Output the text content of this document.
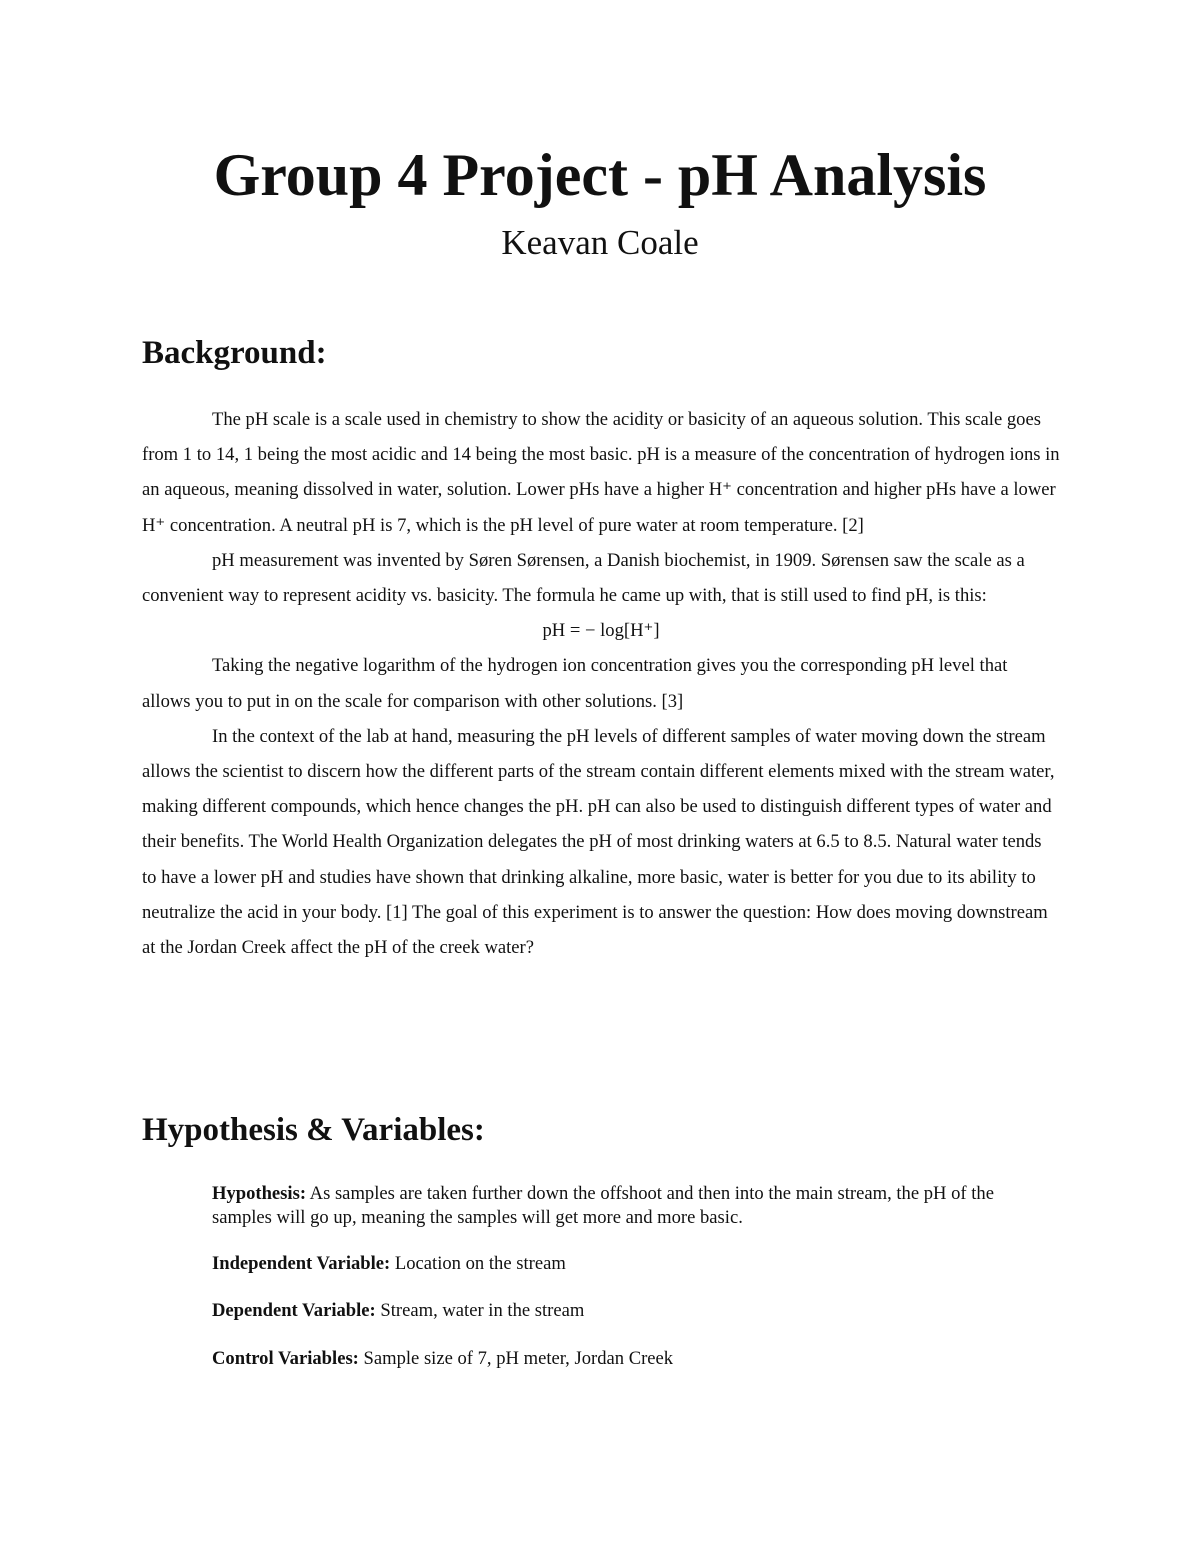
Group 4 Project - pH Analysis
Keavan Coale
Background:

The pH scale is a scale used in chemistry to show the acidity or basicity of an aqueous solution. This scale goes from 1 to 14, 1 being the most acidic and 14 being the most basic. pH is a measure of the concentration of hydrogen ions in an aqueous, meaning dissolved in water, solution. Lower pHs have a higher H⁺ concentration and higher pHs have a lower H⁺ concentration. A neutral pH is 7, which is the pH level of pure water at room temperature. [2]

pH measurement was invented by Søren Sørensen, a Danish biochemist, in 1909. Sørensen saw the scale as a convenient way to represent acidity vs. basicity. The formula he came up with, that is still used to find pH, is this:

pH = − log[H⁺]

Taking the negative logarithm of the hydrogen ion concentration gives you the corresponding pH level that allows you to put in on the scale for comparison with other solutions. [3]

In the context of the lab at hand, measuring the pH levels of different samples of water moving down the stream allows the scientist to discern how the different parts of the stream contain different elements mixed with the stream water, making different compounds, which hence changes the pH. pH can also be used to distinguish different types of water and their benefits. The World Health Organization delegates the pH of most drinking waters at 6.5 to 8.5. Natural water tends to have a lower pH and studies have shown that drinking alkaline, more basic, water is better for you due to its ability to neutralize the acid in your body. [1] The goal of this experiment is to answer the question: How does moving downstream at the Jordan Creek affect the pH of the creek water?

Hypothesis & Variables:

Hypothesis: As samples are taken further down the offshoot and then into the main stream, the pH of the samples will go up, meaning the samples will get more and more basic.

Independent Variable: Location on the stream

Dependent Variable: Stream, water in the stream

Control Variables: Sample size of 7, pH meter, Jordan Creek
